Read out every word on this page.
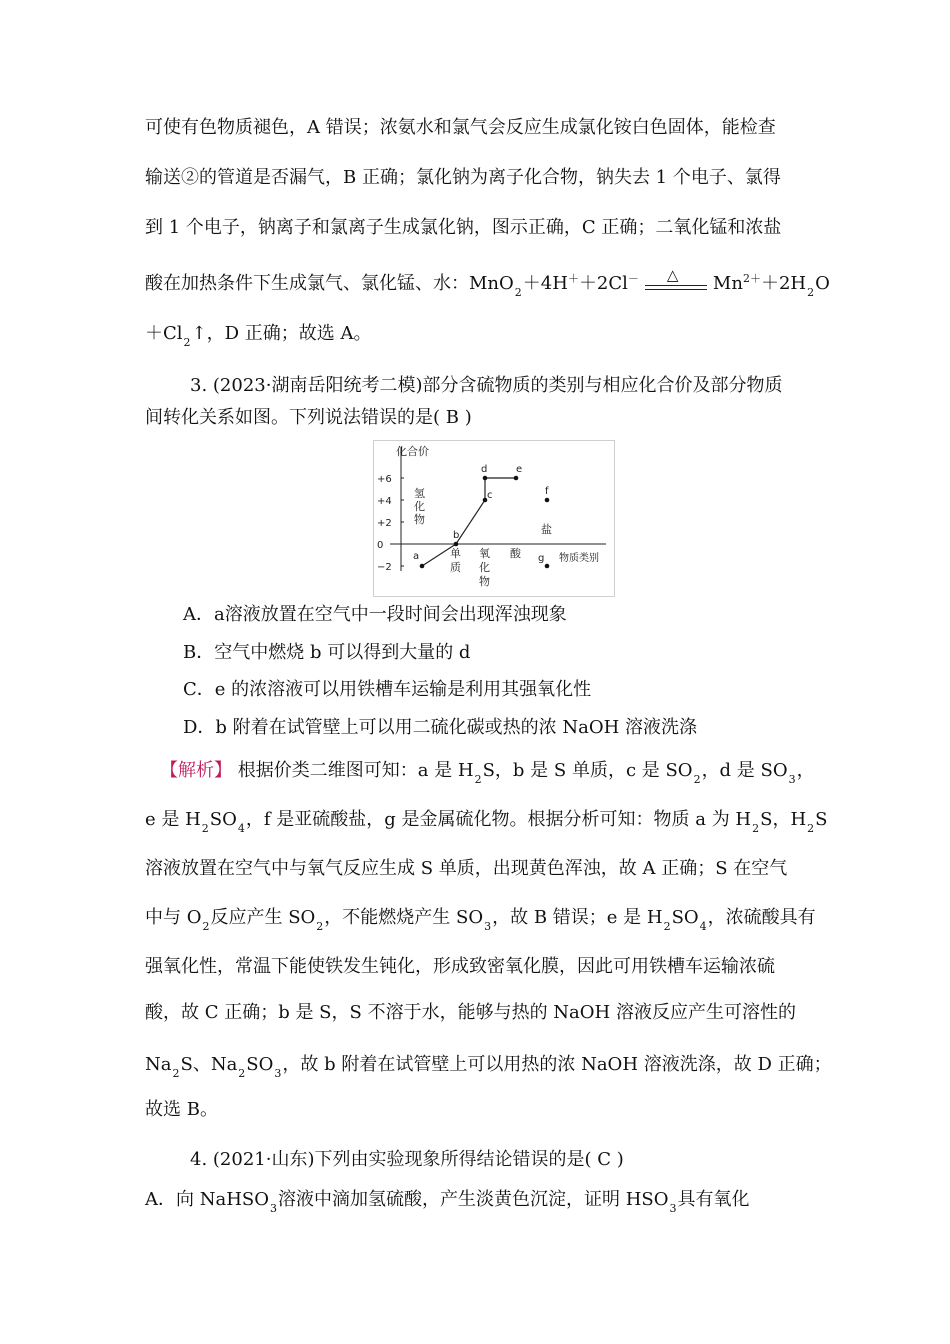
可使有色物质褪色，A 错误；浓氨水和氯气会反应生成氯化铵白色固体，能检查
输送②的管道是否漏气，B 正确；氯化钠为离子化合物，钠失去 1 个电子、氯得
到 1 个电子，钠离子和氯离子生成氯化钠，图示正确，C 正确；二氧化锰和浓盐
酸在加热条件下生成氯气、氯化锰、水：MnO$_2$＋4H＋＋2Cl－ △ $Mn^{2+}+2H_2O$
$+Cl_2↑$，D 正确；故选 A。
3. (2023·湖南岳阳统考二模)部分含硫物质的类别与相应化合价及部分物质
间转化关系如图。下列说法错误的是( B )
化合价
物质类别
+6
+4
+2
0
−2
氢
化
物
单
质
氧
化
物
酸
盐
a
b
c
d	e
f
g
A．a溶液放置在空气中一段时间会出现浑浊现象
B．空气中燃烧 b 可以得到大量的 d
C．e 的浓溶液可以用铁槽车运输是利用其强氧化性
D．b 附着在试管壁上可以用二硫化碳或热的浓 NaOH 溶液洗涤
【解析】 根据价类二维图可知：a 是 $H_2S$，b 是 S 单质，c 是 $SO_2$，d 是 $SO_3$，
e 是 $H_2SO_4$，f 是亚硫酸盐，g 是金属硫化物。根据分析可知：物质 a 为 $H_2S$，$H_2S$
溶液放置在空气中与氧气反应生成 S 单质，出现黄色浑浊，故 A 正确；S 在空气
中与 $O_2$反应产生 $SO_2$，不能燃烧产生 $SO_3$，故 B 错误；e 是 $H_2SO_4$，浓硫酸具有
强氧化性，常温下能使铁发生钝化，形成致密氧化膜，因此可用铁槽车运输浓硫
酸，故 C 正确；b 是 S，S 不溶于水，能够与热的 NaOH 溶液反应产生可溶性的
$Na_2S$、$Na_2SO_3$，故 b 附着在试管壁上可以用热的浓 NaOH 溶液洗涤，故 D 正确；
故选 B。
4. (2021·山东)下列由实验现象所得结论错误的是( C )
A．向 NaHSO$_3$溶液中滴加氢硫酸，产生淡黄色沉淀，证明 $HSO_3$具有氧化
